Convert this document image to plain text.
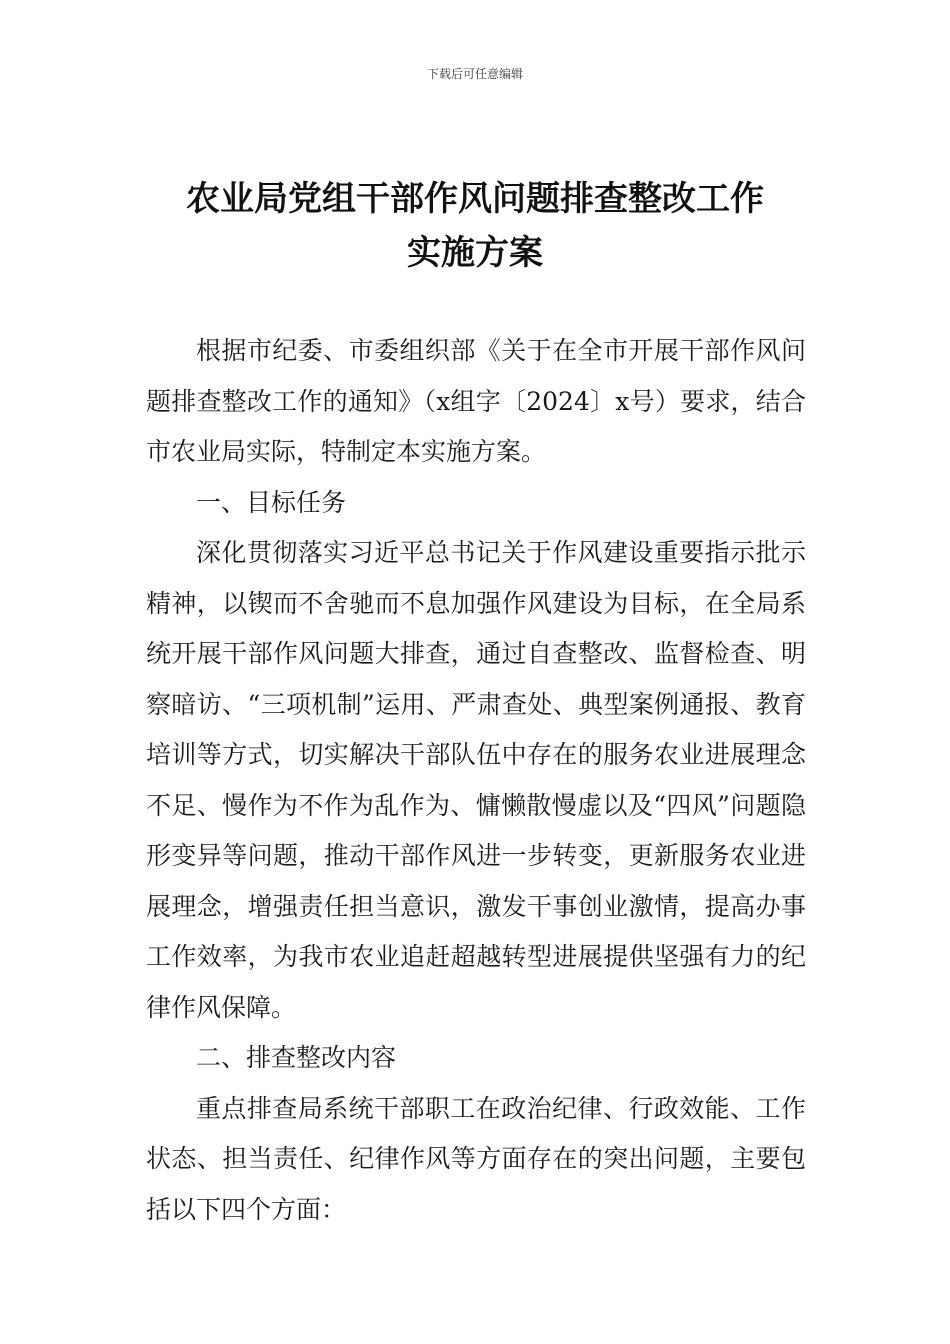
下载后可任意编辑
农业局党组干部作风问题排查整改工作
实施方案

根据市纪委、市委组织部《关于在全市开展干部作风问题排查整改工作的通知》（x组字〔2024〕x号）要求，结合市农业局实际，特制定本实施方案。

一、目标任务

深化贯彻落实习近平总书记关于作风建设重要指示批示精神，以锲而不舍驰而不息加强作风建设为目标，在全局系统开展干部作风问题大排查，通过自查整改、监督检查、明察暗访、“三项机制”运用、严肃查处、典型案例通报、教育培训等方式，切实解决干部队伍中存在的服务农业进展理念不足、慢作为不作为乱作为、慵懒散慢虚以及“四风”问题隐形变异等问题，推动干部作风进一步转变，更新服务农业进展理念，增强责任担当意识，激发干事创业激情，提高办事工作效率，为我市农业追赶超越转型进展提供坚强有力的纪律作风保障。

二、排查整改内容

重点排查局系统干部职工在政治纪律、行政效能、工作状态、担当责任、纪律作风等方面存在的突出问题，主要包括以下四个方面：
